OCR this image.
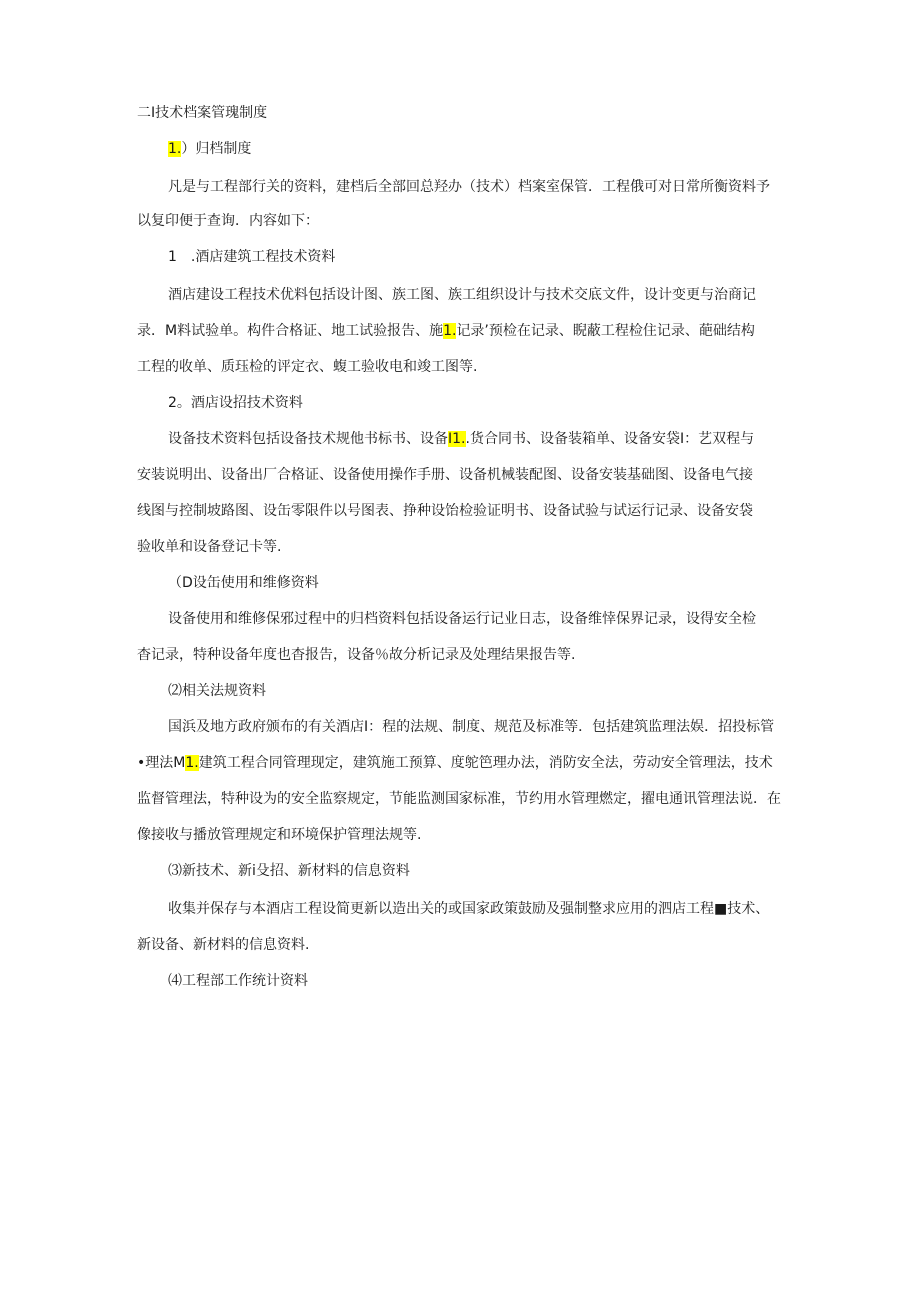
二I技术档案管瑰制度
1.）归档制度
凡是与工程部行关的资料，建档后全部回总羟办（技术）档案室保管．工程俄可对日常所衡资料予
以复印便于查询．内容如下：
1　.酒店建筑工程技术资料
酒店建设工程技术优料包括设计图、族工图、族工组织设计与技术交底文件，设计变更与治商记
录．M料试验单。构件合格证、地工试验报告、施1.记录’预检在记录、睨蔽工程检住记录、葩础结构
工程的收单、质珏检的评定衣、蝮工验收电和竣工图等.
2。酒店设招技术资料
设备技术资料包括设备技术规他书标书、设备I1..货合同书、设备装箱单、设备安袋I：艺双程与
安装说明出、设备出厂合格证、设备使用操作手册、设备机械装配图、设备安装基础图、设备电气接
线图与控制坡路图、设缶零限件以号图表、挣种设饴检验证明书、设备试验与试运行记录、设备安袋
验收单和设备登记卡等.
（D设缶使用和维修资料
设备使用和维修保邪过程中的归档资料包括设备运行记业日志，设备维悻保界记录，设得安全检
杳记录，特种设备年度也杳报告，设备％故分析记录及处理结果报告等.
⑵相关法规资料
国浜及地方政府颁布的有关酒店I：程的法规、制度、规范及标准等．包括建筑监理法娱．招投标管
•理法M1.建筑工程合同管理现定，建筑施工预算、度鸵笆理办法，消防安全法，劳动安全管理法，技术
监督管理法，特种设为的安全监察规定，节能监测国家标准，节约用水管理燃定，擢电通讯管理法说．在
像接收与播放管理规定和环境保护管理法规等.
⑶新技术、新i殳招、新材料的信息资料
收集并保存与本酒店工程设简更新以造出关的或国家政策鼓励及强制整求应用的泗店工程■技术、
新设备、新材料的信息资料.
⑷工程部工作统计资料
